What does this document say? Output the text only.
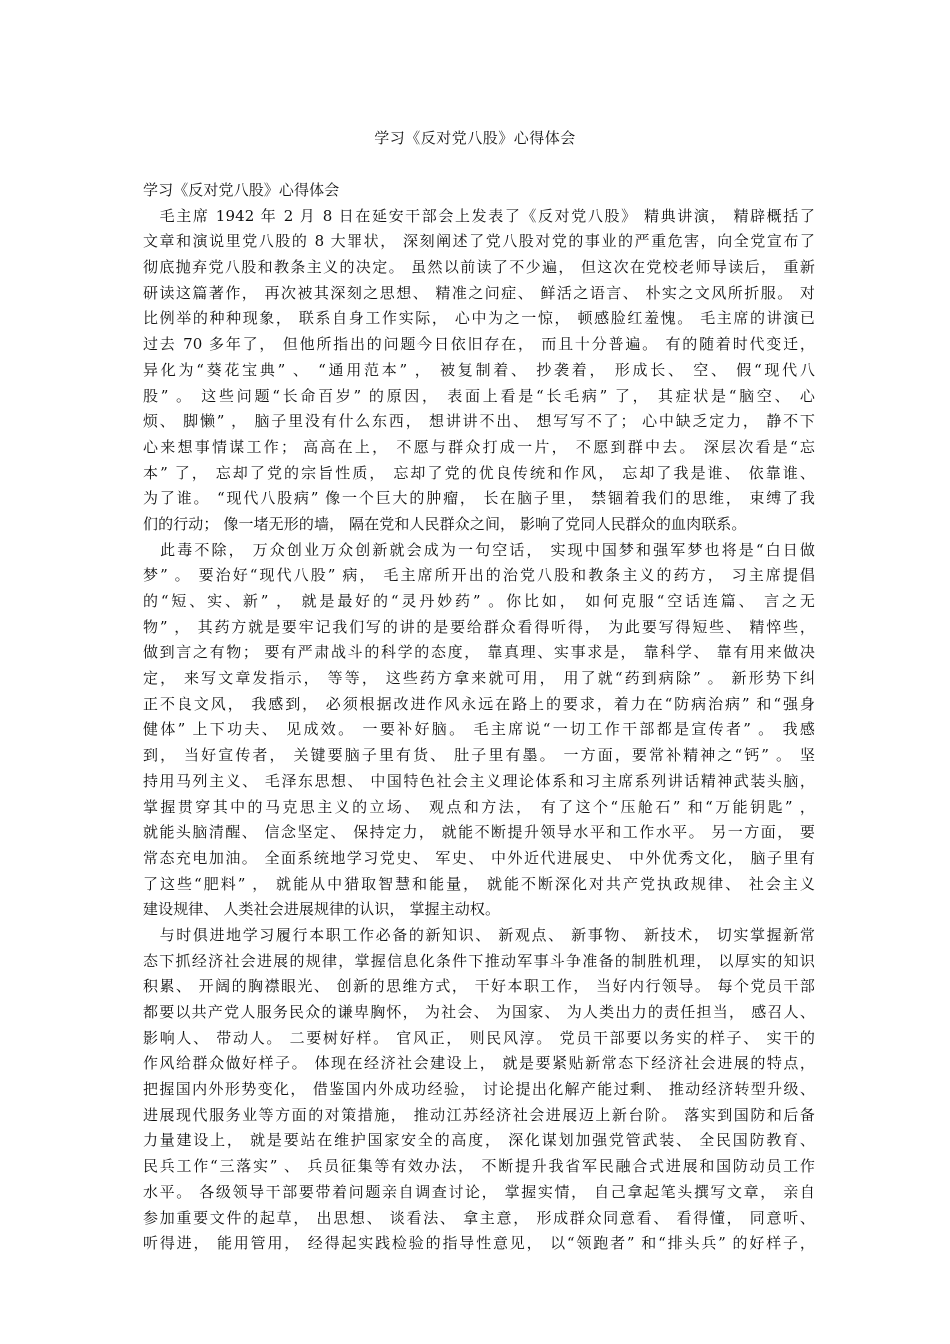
学习《反对党八股》心得体会
学习《反对党八股》心得体会
　毛主席 1942 年 2 月 8 日在延安干部会上发表了《反对党八股》 精典讲演， 精辟概括了
文章和演说里党八股的 8 大罪状， 深刻阐述了党八股对党的事业的严重危害，向全党宣布了
彻底抛弃党八股和教条主义的决定。 虽然以前读了不少遍， 但这次在党校老师导读后， 重新
研读这篇著作， 再次被其深刻之思想、 精准之问症、 鲜活之语言、 朴实之文风所折服。 对
比例举的种种现象， 联系自身工作实际， 心中为之一惊， 顿感脸红羞愧。 毛主席的讲演已
过去 70 多年了， 但他所指出的问题今日依旧存在， 而且十分普遍。 有的随着时代变迁，
异化为“葵花宝典” 、 “通用范本” ， 被复制着、 抄袭着， 形成长、 空、 假“现代八
股” 。 这些问题“长命百岁” 的原因， 表面上看是“长毛病” 了， 其症状是“脑空、 心
烦、 脚懒” ， 脑子里没有什么东西， 想讲讲不出、 想写写不了； 心中缺乏定力， 静不下
心来想事情谋工作； 高高在上， 不愿与群众打成一片， 不愿到群中去。 深层次看是“忘
本” 了， 忘却了党的宗旨性质， 忘却了党的优良传统和作风， 忘却了我是谁、 依靠谁、
为了谁。 “现代八股病” 像一个巨大的肿瘤， 长在脑子里， 禁锢着我们的思维， 束缚了我
们的行动； 像一堵无形的墙， 隔在党和人民群众之间， 影响了党同人民群众的血肉联系。
　此毒不除， 万众创业万众创新就会成为一句空话， 实现中国梦和强军梦也将是“白日做
梦” 。 要治好“现代八股” 病， 毛主席所开出的治党八股和教条主义的药方， 习主席提倡
的“短、实、新” ， 就是最好的“灵丹妙药” 。你比如， 如何克服“空话连篇、 言之无
物” ， 其药方就是要牢记我们写的讲的是要给群众看得听得， 为此要写得短些、 精悴些，
做到言之有物； 要有严肃战斗的科学的态度， 靠真理、实事求是， 靠科学、 靠有用来做决
定， 来写文章发指示， 等等， 这些药方拿来就可用， 用了就“药到病除” 。 新形势下纠
正不良文风， 我感到， 必须根据改进作风永远在路上的要求，着力在“防病治病” 和“强身
健体” 上下功夫、 见成效。 一要补好脑。 毛主席说“一切工作干部都是宣传者” 。 我感
到， 当好宣传者， 关键要脑子里有货、 肚子里有墨。 一方面，要常补精神之“钙” 。 坚
持用马列主义、 毛泽东思想、 中国特色社会主义理论体系和习主席系列讲话精神武装头脑，
掌握贯穿其中的马克思主义的立场、 观点和方法， 有了这个“压舱石” 和“万能钥匙” ，
就能头脑清醒、 信念坚定、 保持定力， 就能不断提升领导水平和工作水平。 另一方面， 要
常态充电加油。 全面系统地学习党史、 军史、 中外近代进展史、 中外优秀文化， 脑子里有
了这些“肥料” ， 就能从中猎取智慧和能量， 就能不断深化对共产党执政规律、 社会主义
建设规律、 人类社会进展规律的认识， 掌握主动权。
　与时俱进地学习履行本职工作必备的新知识、 新观点、 新事物、 新技术， 切实掌握新常
态下抓经济社会进展的规律，掌握信息化条件下推动军事斗争准备的制胜机理， 以厚实的知识
积累、 开阔的胸襟眼光、 创新的思维方式， 干好本职工作， 当好内行领导。 每个党员干部
都要以共产党人服务民众的谦卑胸怀， 为社会、 为国家、 为人类出力的责任担当， 感召人、
影响人、 带动人。 二要树好样。 官风正， 则民风淳。 党员干部要以务实的样子、 实干的
作风给群众做好样子。 体现在经济社会建设上， 就是要紧贴新常态下经济社会进展的特点，
把握国内外形势变化， 借鉴国内外成功经验， 讨论提出化解产能过剩、 推动经济转型升级、
进展现代服务业等方面的对策措施， 推动江苏经济社会进展迈上新台阶。 落实到国防和后备
力量建设上， 就是要站在维护国家安全的高度， 深化谋划加强党管武装、 全民国防教育、
民兵工作“三落实” 、 兵员征集等有效办法， 不断提升我省军民融合式进展和国防动员工作
水平。 各级领导干部要带着问题亲自调查讨论， 掌握实情， 自己拿起笔头撰写文章， 亲自
参加重要文件的起草， 出思想、 谈看法、 拿主意， 形成群众同意看、 看得懂， 同意听、
听得进， 能用管用， 经得起实践检验的指导性意见， 以“领跑者” 和“排头兵” 的好样子，
